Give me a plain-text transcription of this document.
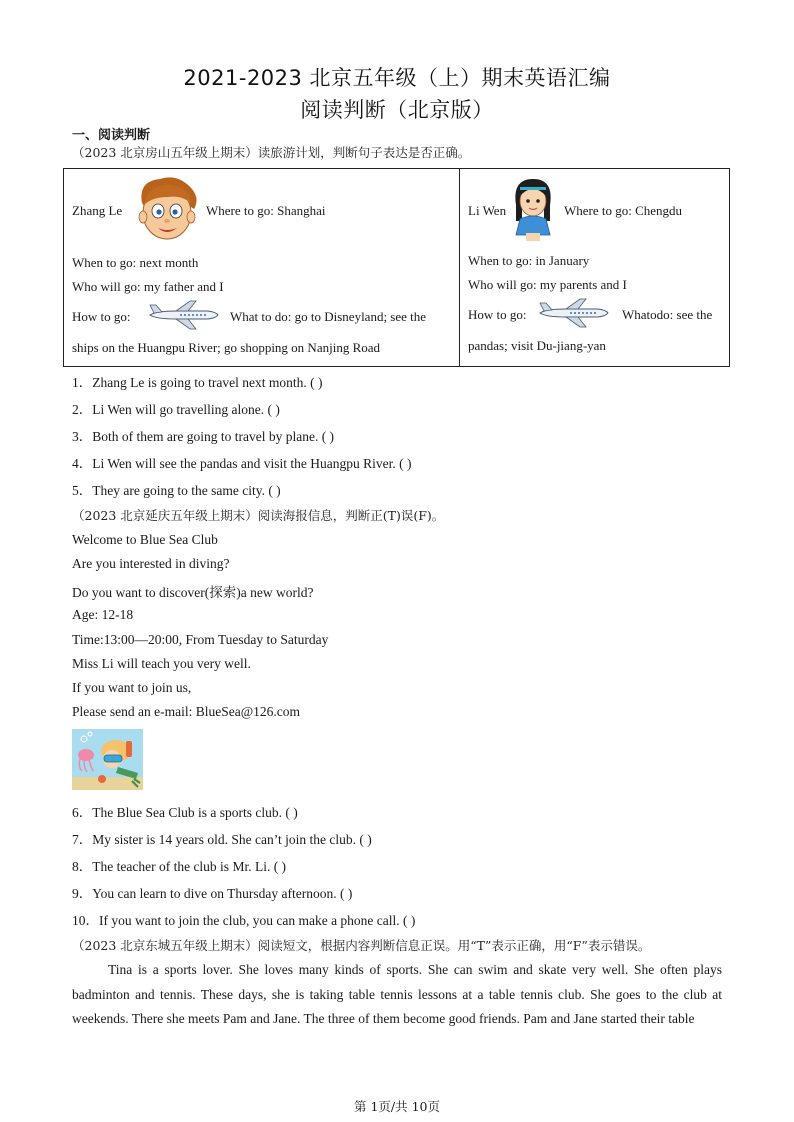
2021-2023 北京五年级（上）期末英语汇编
阅读判断（北京版）
一、阅读判断
（2023 北京房山五年级上期末）读旅游计划，判断句子表达是否正确。
Zhang Le	Where to go: Shanghai
When to go: next month
Who will go: my father and I
How to go:	What to do: go to Disneyland; see the
ships on the Huangpu River; go shopping on Nanjing Road
Li Wen	Where to go: Chengdu
When to go: in January
Who will go: my parents and I
How to go:	Whatodo: see the
pandas; visit Du-jiang-yan
1．Zhang Le is going to travel next month. ( )
2．Li Wen will go travelling alone. ( )
3．Both of them are going to travel by plane. ( )
4．Li Wen will see the pandas and visit the Huangpu River. ( )
5．They are going to the same city. ( )
（2023 北京延庆五年级上期末）阅读海报信息，判断正(T)误(F)。
Welcome to Blue Sea Club
Are you interested in diving?
Do you want to discover(探索)a new world?
Age: 12-18
Time:13:00—20:00, From Tuesday to Saturday
Miss Li will teach you very well.
If you want to join us,
Please send an e-mail: BlueSea@126.com
6．The Blue Sea Club is a sports club. ( )
7．My sister is 14 years old. She can’t join the club. ( )
8．The teacher of the club is Mr. Li. ( )
9．You can learn to dive on Thursday afternoon. ( )
10．If you want to join the club, you can make a phone call. ( )
（2023 北京东城五年级上期末）阅读短文，根据内容判断信息正误。用“T”表示正确，用“F”表示错误。
Tina is a sports lover. She loves many kinds of sports. She can swim and skate very well. She often plays badminton and tennis. These days, she is taking table tennis lessons at a table tennis club. She goes to the club at weekends. There she meets Pam and Jane. The three of them become good friends. Pam and Jane started their table
第 1页/共 10页
